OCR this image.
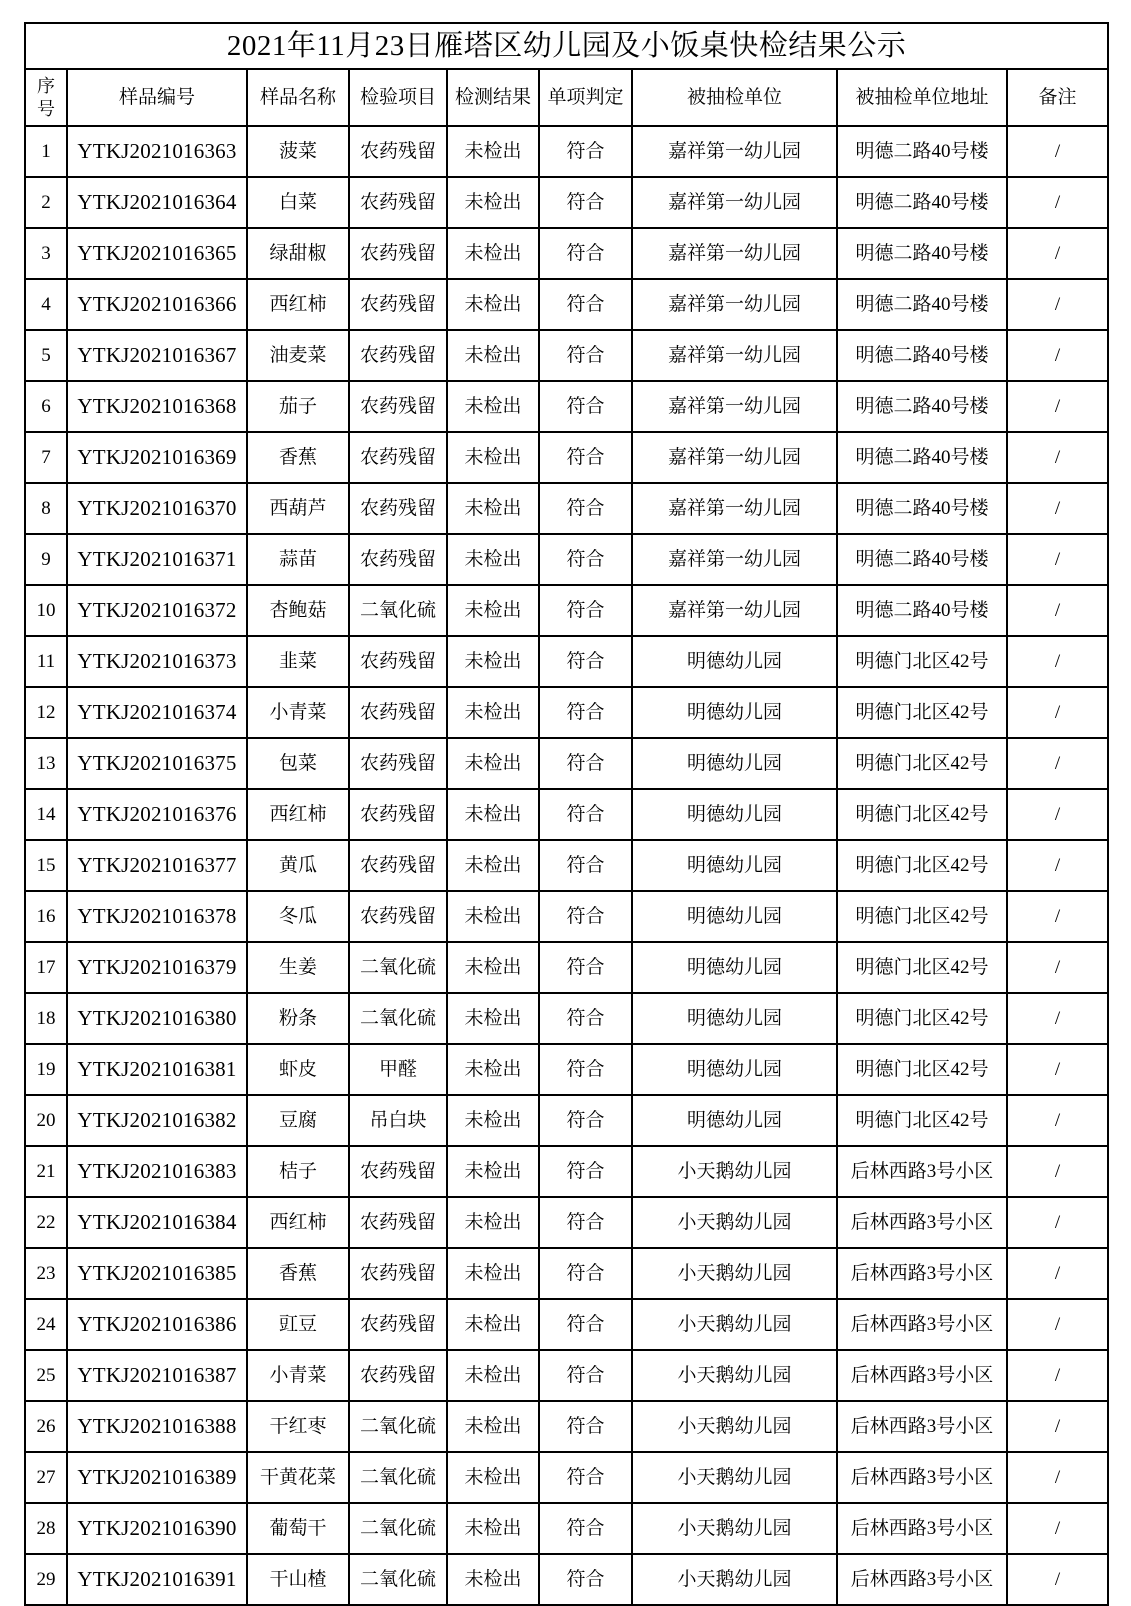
2021年11月23日雁塔区幼儿园及小饭桌快检结果公示								

序
号	样品编号	样品名称	检验项目	检测结果	单项判定	被抽检单位	被抽检单位地址	备注
1	YTKJ2021016363	菠菜	农药残留	未检出	符合	嘉祥第一幼儿园	明德二路40号楼	/
2	YTKJ2021016364	白菜	农药残留	未检出	符合	嘉祥第一幼儿园	明德二路40号楼	/
3	YTKJ2021016365	绿甜椒	农药残留	未检出	符合	嘉祥第一幼儿园	明德二路40号楼	/
4	YTKJ2021016366	西红柿	农药残留	未检出	符合	嘉祥第一幼儿园	明德二路40号楼	/
5	YTKJ2021016367	油麦菜	农药残留	未检出	符合	嘉祥第一幼儿园	明德二路40号楼	/
6	YTKJ2021016368	茄子	农药残留	未检出	符合	嘉祥第一幼儿园	明德二路40号楼	/
7	YTKJ2021016369	香蕉	农药残留	未检出	符合	嘉祥第一幼儿园	明德二路40号楼	/
8	YTKJ2021016370	西葫芦	农药残留	未检出	符合	嘉祥第一幼儿园	明德二路40号楼	/
9	YTKJ2021016371	蒜苗	农药残留	未检出	符合	嘉祥第一幼儿园	明德二路40号楼	/
10	YTKJ2021016372	杏鲍菇	二氧化硫	未检出	符合	嘉祥第一幼儿园	明德二路40号楼	/
11	YTKJ2021016373	韭菜	农药残留	未检出	符合	明德幼儿园	明德门北区42号	/
12	YTKJ2021016374	小青菜	农药残留	未检出	符合	明德幼儿园	明德门北区42号	/
13	YTKJ2021016375	包菜	农药残留	未检出	符合	明德幼儿园	明德门北区42号	/
14	YTKJ2021016376	西红柿	农药残留	未检出	符合	明德幼儿园	明德门北区42号	/
15	YTKJ2021016377	黄瓜	农药残留	未检出	符合	明德幼儿园	明德门北区42号	/
16	YTKJ2021016378	冬瓜	农药残留	未检出	符合	明德幼儿园	明德门北区42号	/
17	YTKJ2021016379	生姜	二氧化硫	未检出	符合	明德幼儿园	明德门北区42号	/
18	YTKJ2021016380	粉条	二氧化硫	未检出	符合	明德幼儿园	明德门北区42号	/
19	YTKJ2021016381	虾皮	甲醛	未检出	符合	明德幼儿园	明德门北区42号	/
20	YTKJ2021016382	豆腐	吊白块	未检出	符合	明德幼儿园	明德门北区42号	/
21	YTKJ2021016383	桔子	农药残留	未检出	符合	小天鹅幼儿园	后林西路3号小区	/
22	YTKJ2021016384	西红柿	农药残留	未检出	符合	小天鹅幼儿园	后林西路3号小区	/
23	YTKJ2021016385	香蕉	农药残留	未检出	符合	小天鹅幼儿园	后林西路3号小区	/
24	YTKJ2021016386	豇豆	农药残留	未检出	符合	小天鹅幼儿园	后林西路3号小区	/
25	YTKJ2021016387	小青菜	农药残留	未检出	符合	小天鹅幼儿园	后林西路3号小区	/
26	YTKJ2021016388	干红枣	二氧化硫	未检出	符合	小天鹅幼儿园	后林西路3号小区	/
27	YTKJ2021016389	干黄花菜	二氧化硫	未检出	符合	小天鹅幼儿园	后林西路3号小区	/
28	YTKJ2021016390	葡萄干	二氧化硫	未检出	符合	小天鹅幼儿园	后林西路3号小区	/
29	YTKJ2021016391	干山楂	二氧化硫	未检出	符合	小天鹅幼儿园	后林西路3号小区	/
